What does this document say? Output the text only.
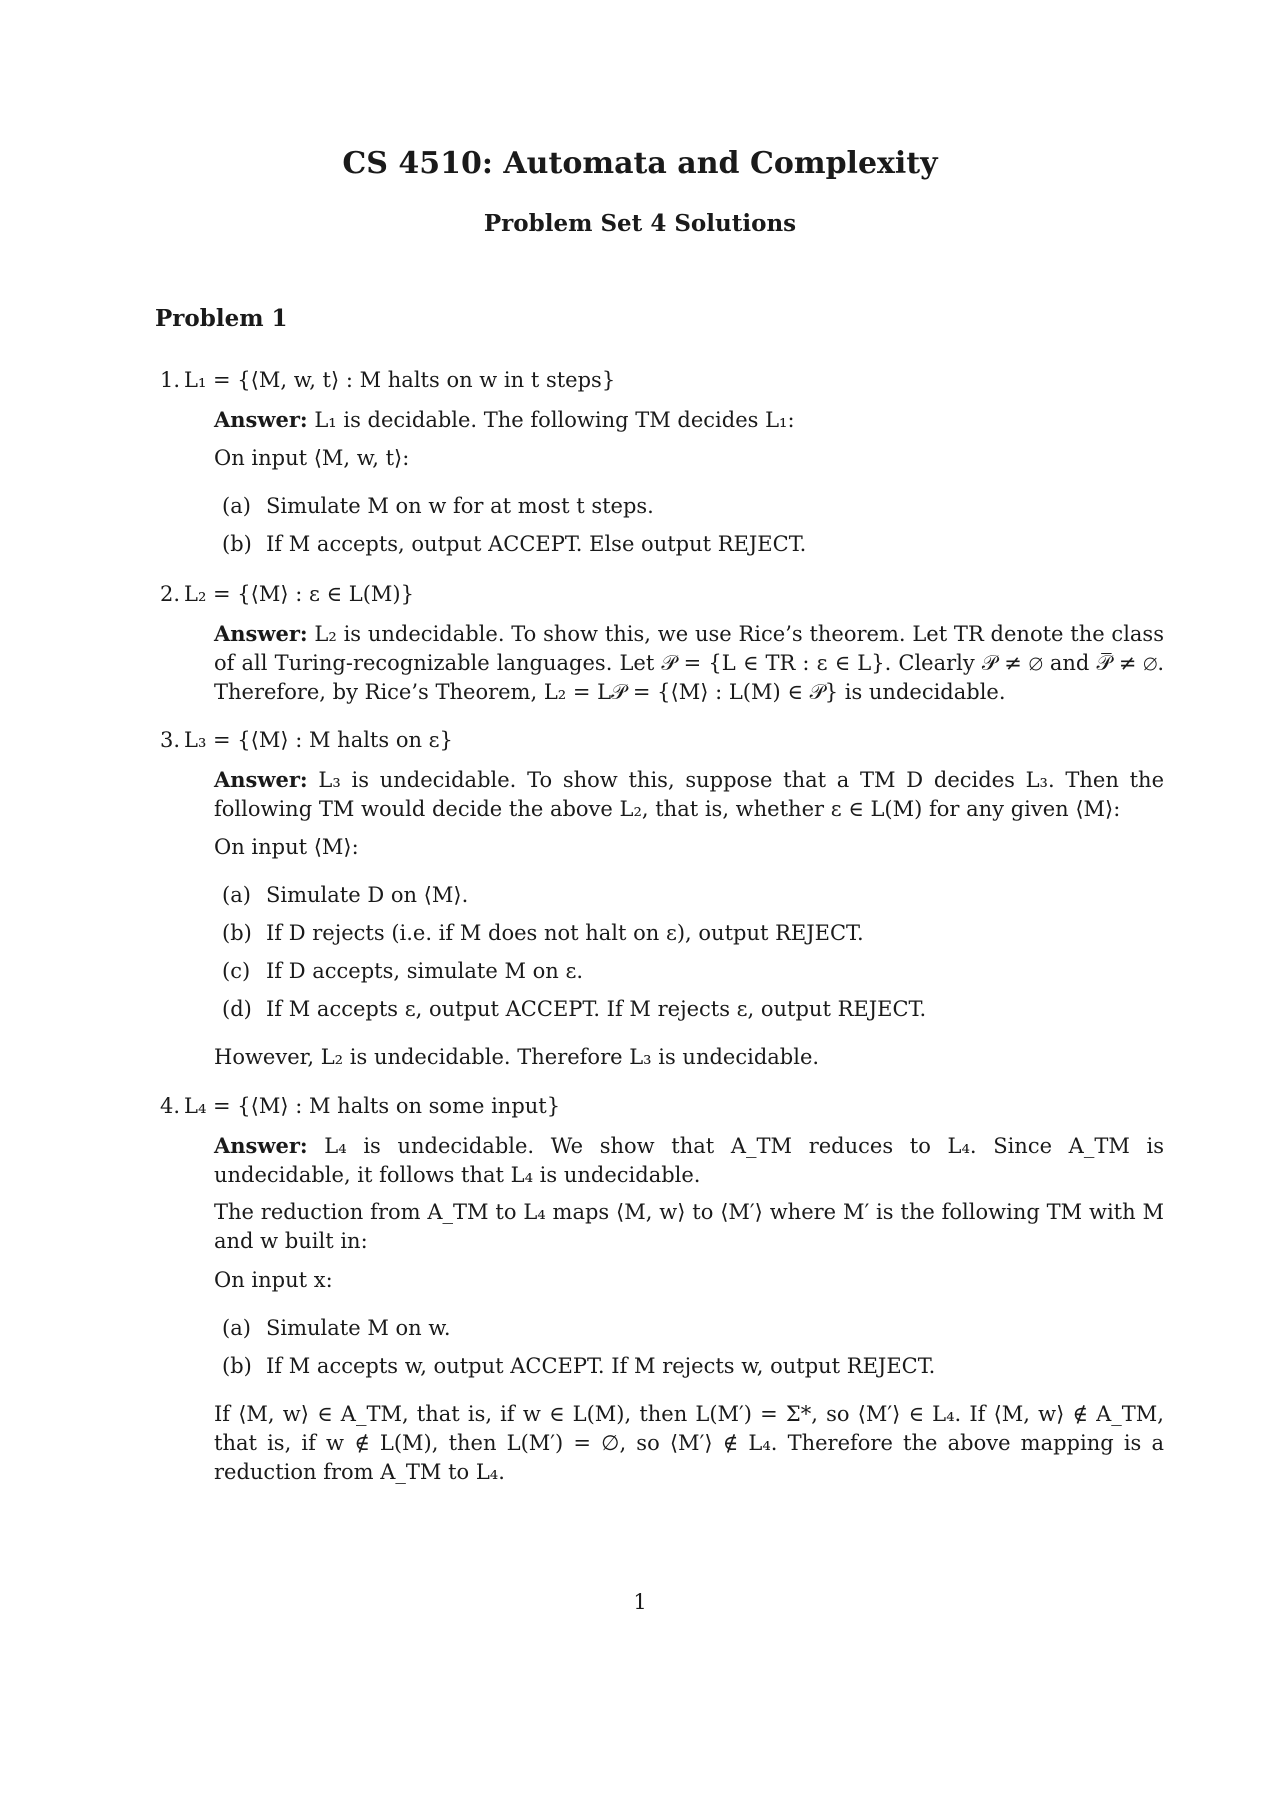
CS 4510: Automata and Complexity
Problem Set 4 Solutions
Problem 1
1. L₁ = {⟨M, w, t⟩ : M halts on w in t steps}
Answer: L₁ is decidable. The following TM decides L₁:
On input ⟨M, w, t⟩:
(a) Simulate M on w for at most t steps.
(b) If M accepts, output ACCEPT. Else output REJECT.
2. L₂ = {⟨M⟩ : ε ∈ L(M)}
Answer: L₂ is undecidable. To show this, we use Rice’s theorem. Let TR denote the class of all Turing-recognizable languages. Let 𝒫 = {L ∈ TR : ε ∈ L}. Clearly 𝒫 ≠ ∅ and 𝒫̅ ≠ ∅. Therefore, by Rice’s Theorem, L₂ = L𝒫 = {⟨M⟩ : L(M) ∈ 𝒫} is undecidable.
3. L₃ = {⟨M⟩ : M halts on ε}
Answer: L₃ is undecidable. To show this, suppose that a TM D decides L₃. Then the following TM would decide the above L₂, that is, whether ε ∈ L(M) for any given ⟨M⟩:
On input ⟨M⟩:
(a) Simulate D on ⟨M⟩.
(b) If D rejects (i.e. if M does not halt on ε), output REJECT.
(c) If D accepts, simulate M on ε.
(d) If M accepts ε, output ACCEPT. If M rejects ε, output REJECT.
However, L₂ is undecidable. Therefore L₃ is undecidable.
4. L₄ = {⟨M⟩ : M halts on some input}
Answer: L₄ is undecidable. We show that A_TM reduces to L₄. Since A_TM is undecidable, it follows that L₄ is undecidable.
The reduction from A_TM to L₄ maps ⟨M, w⟩ to ⟨M′⟩ where M′ is the following TM with M and w built in:
On input x:
(a) Simulate M on w.
(b) If M accepts w, output ACCEPT. If M rejects w, output REJECT.
If ⟨M, w⟩ ∈ A_TM, that is, if w ∈ L(M), then L(M′) = Σ*, so ⟨M′⟩ ∈ L₄. If ⟨M, w⟩ ∉ A_TM, that is, if w ∉ L(M), then L(M′) = ∅, so ⟨M′⟩ ∉ L₄. Therefore the above mapping is a reduction from A_TM to L₄.
1
